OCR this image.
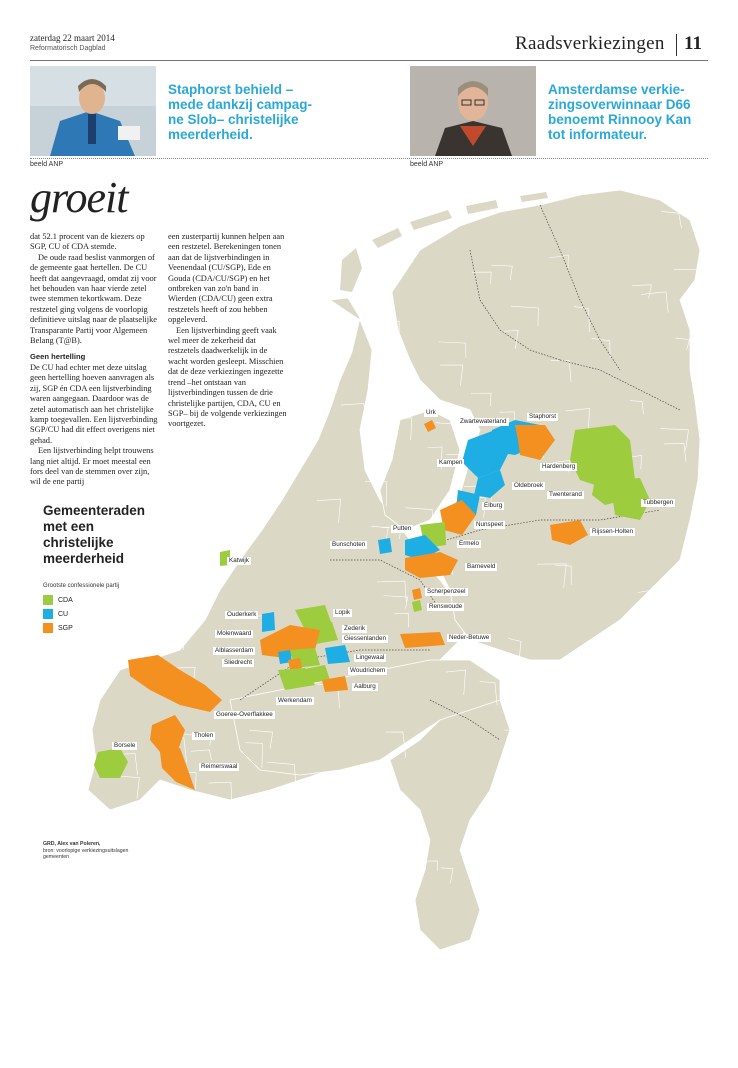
zaterdag 22 maart 2014
Reformatorisch Dagblad	Raadsverkiezingen 11
Staphorst behield –
mede dankzij campag-
ne Slob– christelijke
meerderheid.
beeld ANP
Amsterdamse verkie-
zingsoverwinnaar D66
benoemt Rinnooy Kan
tot informateur.
beeld ANP
groeit

dat 52.1 procent van de kiezers op SGP, CU of CDA stemde.

De oude raad beslist vanmorgen of de gemeente gaat hertellen. De CU heeft dat aangevraagd, omdat zij voor het behouden van haar vierde zetel twee stemmen tekortkwam. Deze restzetel ging volgens de voorlopig definitieve uitslag naar de plaatselijke Transparante Partij voor Algemeen Belang (T@B).

Geen hertelling

De CU had echter met deze uitslag geen hertelling hoeven aanvragen als zij, SGP én CDA een lijstverbinding waren aangegaan. Daardoor was de zetel automatisch aan het christelijke kamp toegevallen. Een lijstverbinding SGP/CU had dit effect overigens niet gehad.

Een lijstverbinding helpt trouwens lang niet altijd. Er moet meestal een fors deel van de stemmen over zijn, wil de ene partij

een zusterpartij kunnen helpen aan een restzetel. Berekeningen tonen aan dat de lijstverbindingen in Veenendaal (CU/SGP), Ede en Gouda (CDA/CU/SGP) en het ontbreken van zo'n band in Wierden (CDA/CU) geen extra restzetels heeft of zou hebben opgeleverd.

Een lijstverbinding geeft vaak wel meer de zekerheid dat restzetels daadwerkelijk in de wacht worden gesleept. Misschien dat de deze verkiezingen ingezette trend –het ontstaan van lijstverbindingen tussen de drie christelijke partijen, CDA, CU en SGP– bij de volgende verkiezingen voortgezet.

Gemeenteraden
met een
christelijke
meerderheid
Grootste confessionele partij
CDA
CU
SGP
GRD, Alex van Poleren,
bron: voorlopige verkiezingsuitslagen
gemeenten
Urk
Zwartewaterland
Staphorst
Kampen
Hardenberg
Oldebroek
Twenterand
Tubbergen
Elburg
Nunspeet
Rijssen-Holten
Putten
Ermelo
Bunschoten
Barneveld
Katwijk
Scherpenzeel
Renswoude
Ouderkerk	Lopik
Zederik
Molenwaard
Giessenlanden	Neder-Betuwe
Alblasserdam
Lingewaal
Sliedrecht
Woudrichem
Aalburg
Werkendam
Goeree-Overflakkee
Tholen
Borsele
Reimerswaal
